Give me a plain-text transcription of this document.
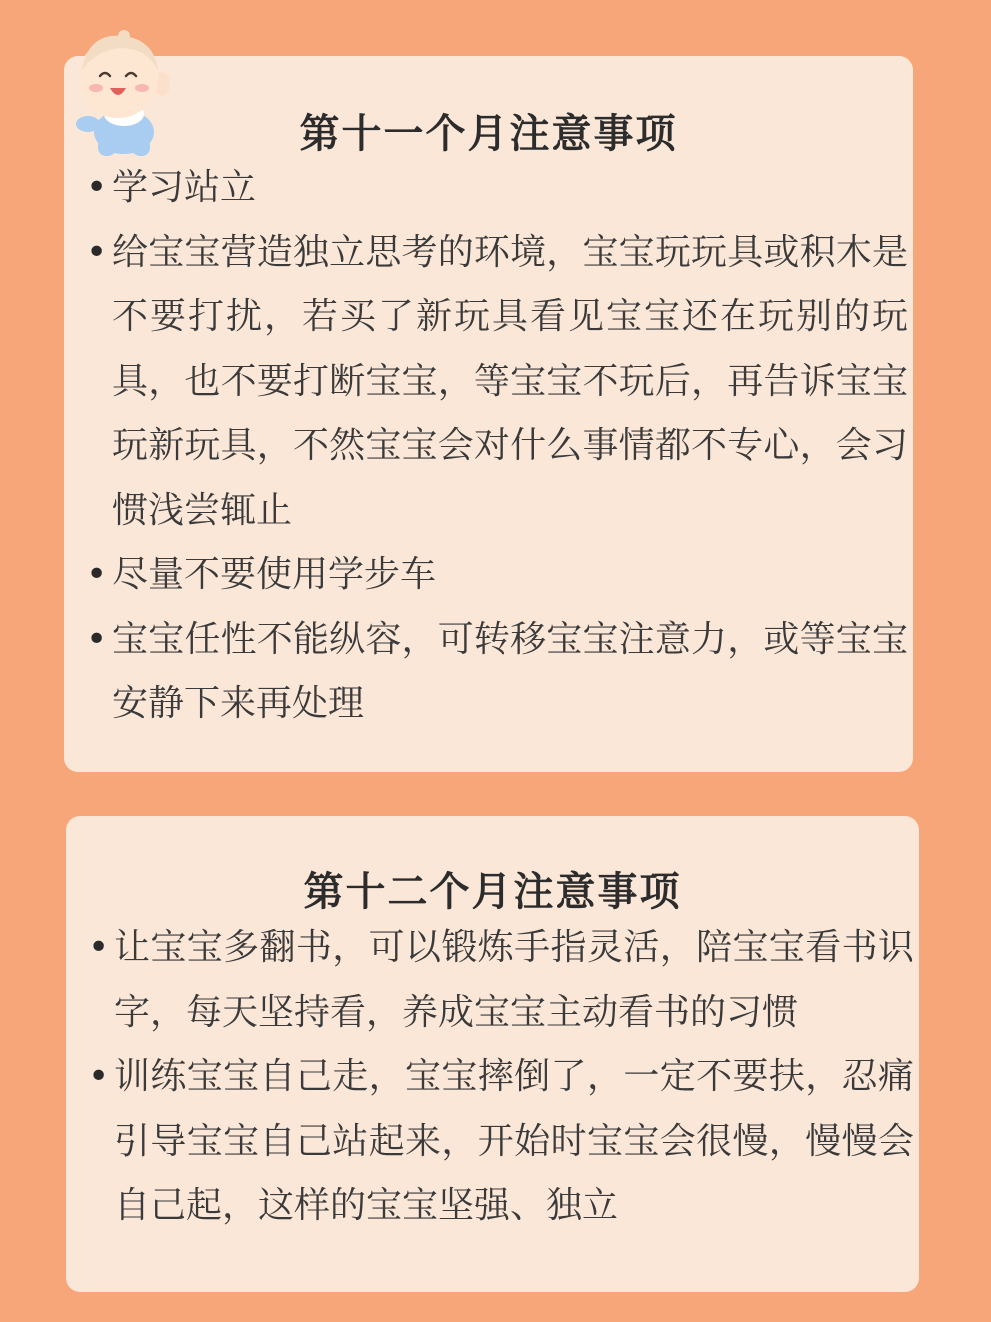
第十一个月注意事项
• 学习站立
• 给宝宝营造独立思考的环境，宝宝玩玩具或积木是不要打扰，若买了新玩具看见宝宝还在玩别的玩具，也不要打断宝宝，等宝宝不玩后，再告诉宝宝玩新玩具，不然宝宝会对什么事情都不专心，会习惯浅尝辄止
• 尽量不要使用学步车
• 宝宝任性不能纵容，可转移宝宝注意力，或等宝宝安静下来再处理
第十二个月注意事项
• 让宝宝多翻书，可以锻炼手指灵活，陪宝宝看书识字，每天坚持看，养成宝宝主动看书的习惯
• 训练宝宝自己走，宝宝摔倒了，一定不要扶，忍痛引导宝宝自己站起来，开始时宝宝会很慢，慢慢会自己起，这样的宝宝坚强、独立
